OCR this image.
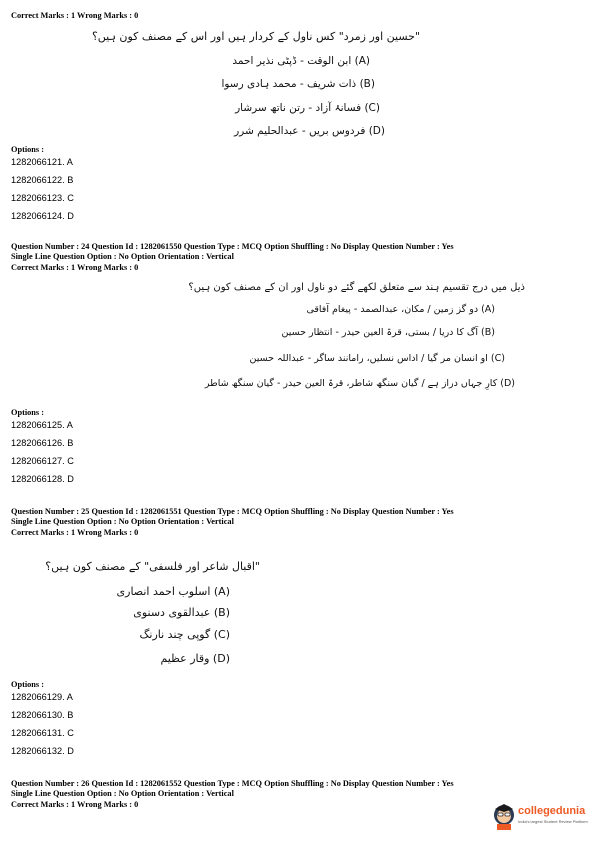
Correct Marks : 1 Wrong Marks : 0
"حسین اور زمرد" کس ناول کے کردار ہیں اور اس کے مصنف کون ہیں؟
(A) ابن الوقت - ڈپٹی نذیر احمد
(B) ذات شریف - محمد ہادی رسوا
(C) فسانۂ آزاد - رتن ناتھ سرشار
(D) فردوس بریں - عبدالحلیم شرر
Options :
1282066121. A
1282066122. B
1282066123. C
1282066124. D
Question Number : 24 Question Id : 1282061550 Question Type : MCQ Option Shuffling : No Display Question Number : Yes
Single Line Question Option : No Option Orientation : Vertical
Correct Marks : 1 Wrong Marks : 0
ذیل میں درج تقسیم ہند سے متعلق لکھے گئے دو ناول اور ان کے مصنف کون ہیں؟
(A) دو گز زمین / مکان، عبدالصمد - پیغام آفاقی
(B) آگ کا دریا / بستی، قرۃ العین حیدر - انتظار حسین
(C) او انسان مر گیا / اداس نسلیں، رامانند ساگر - عبداللہ حسین
(D) کارِ جہاں دراز ہے / گیان سنگھ شاطر، قرۃ العین حیدر - گیان سنگھ شاطر
Options :
1282066125. A
1282066126. B
1282066127. C
1282066128. D
Question Number : 25 Question Id : 1282061551 Question Type : MCQ Option Shuffling : No Display Question Number : Yes
Single Line Question Option : No Option Orientation : Vertical
Correct Marks : 1 Wrong Marks : 0
"اقبال شاعر اور فلسفی" کے مصنف کون ہیں؟
(A) اسلوب احمد انصاری
(B) عبدالقوی دسنوی
(C) گوپی چند نارنگ
(D) وقار عظیم
Options :
1282066129. A
1282066130. B
1282066131. C
1282066132. D
Question Number : 26 Question Id : 1282061552 Question Type : MCQ Option Shuffling : No Display Question Number : Yes
Single Line Question Option : No Option Orientation : Vertical
Correct Marks : 1 Wrong Marks : 0
collegedunia
India's largest Student Review Platform
